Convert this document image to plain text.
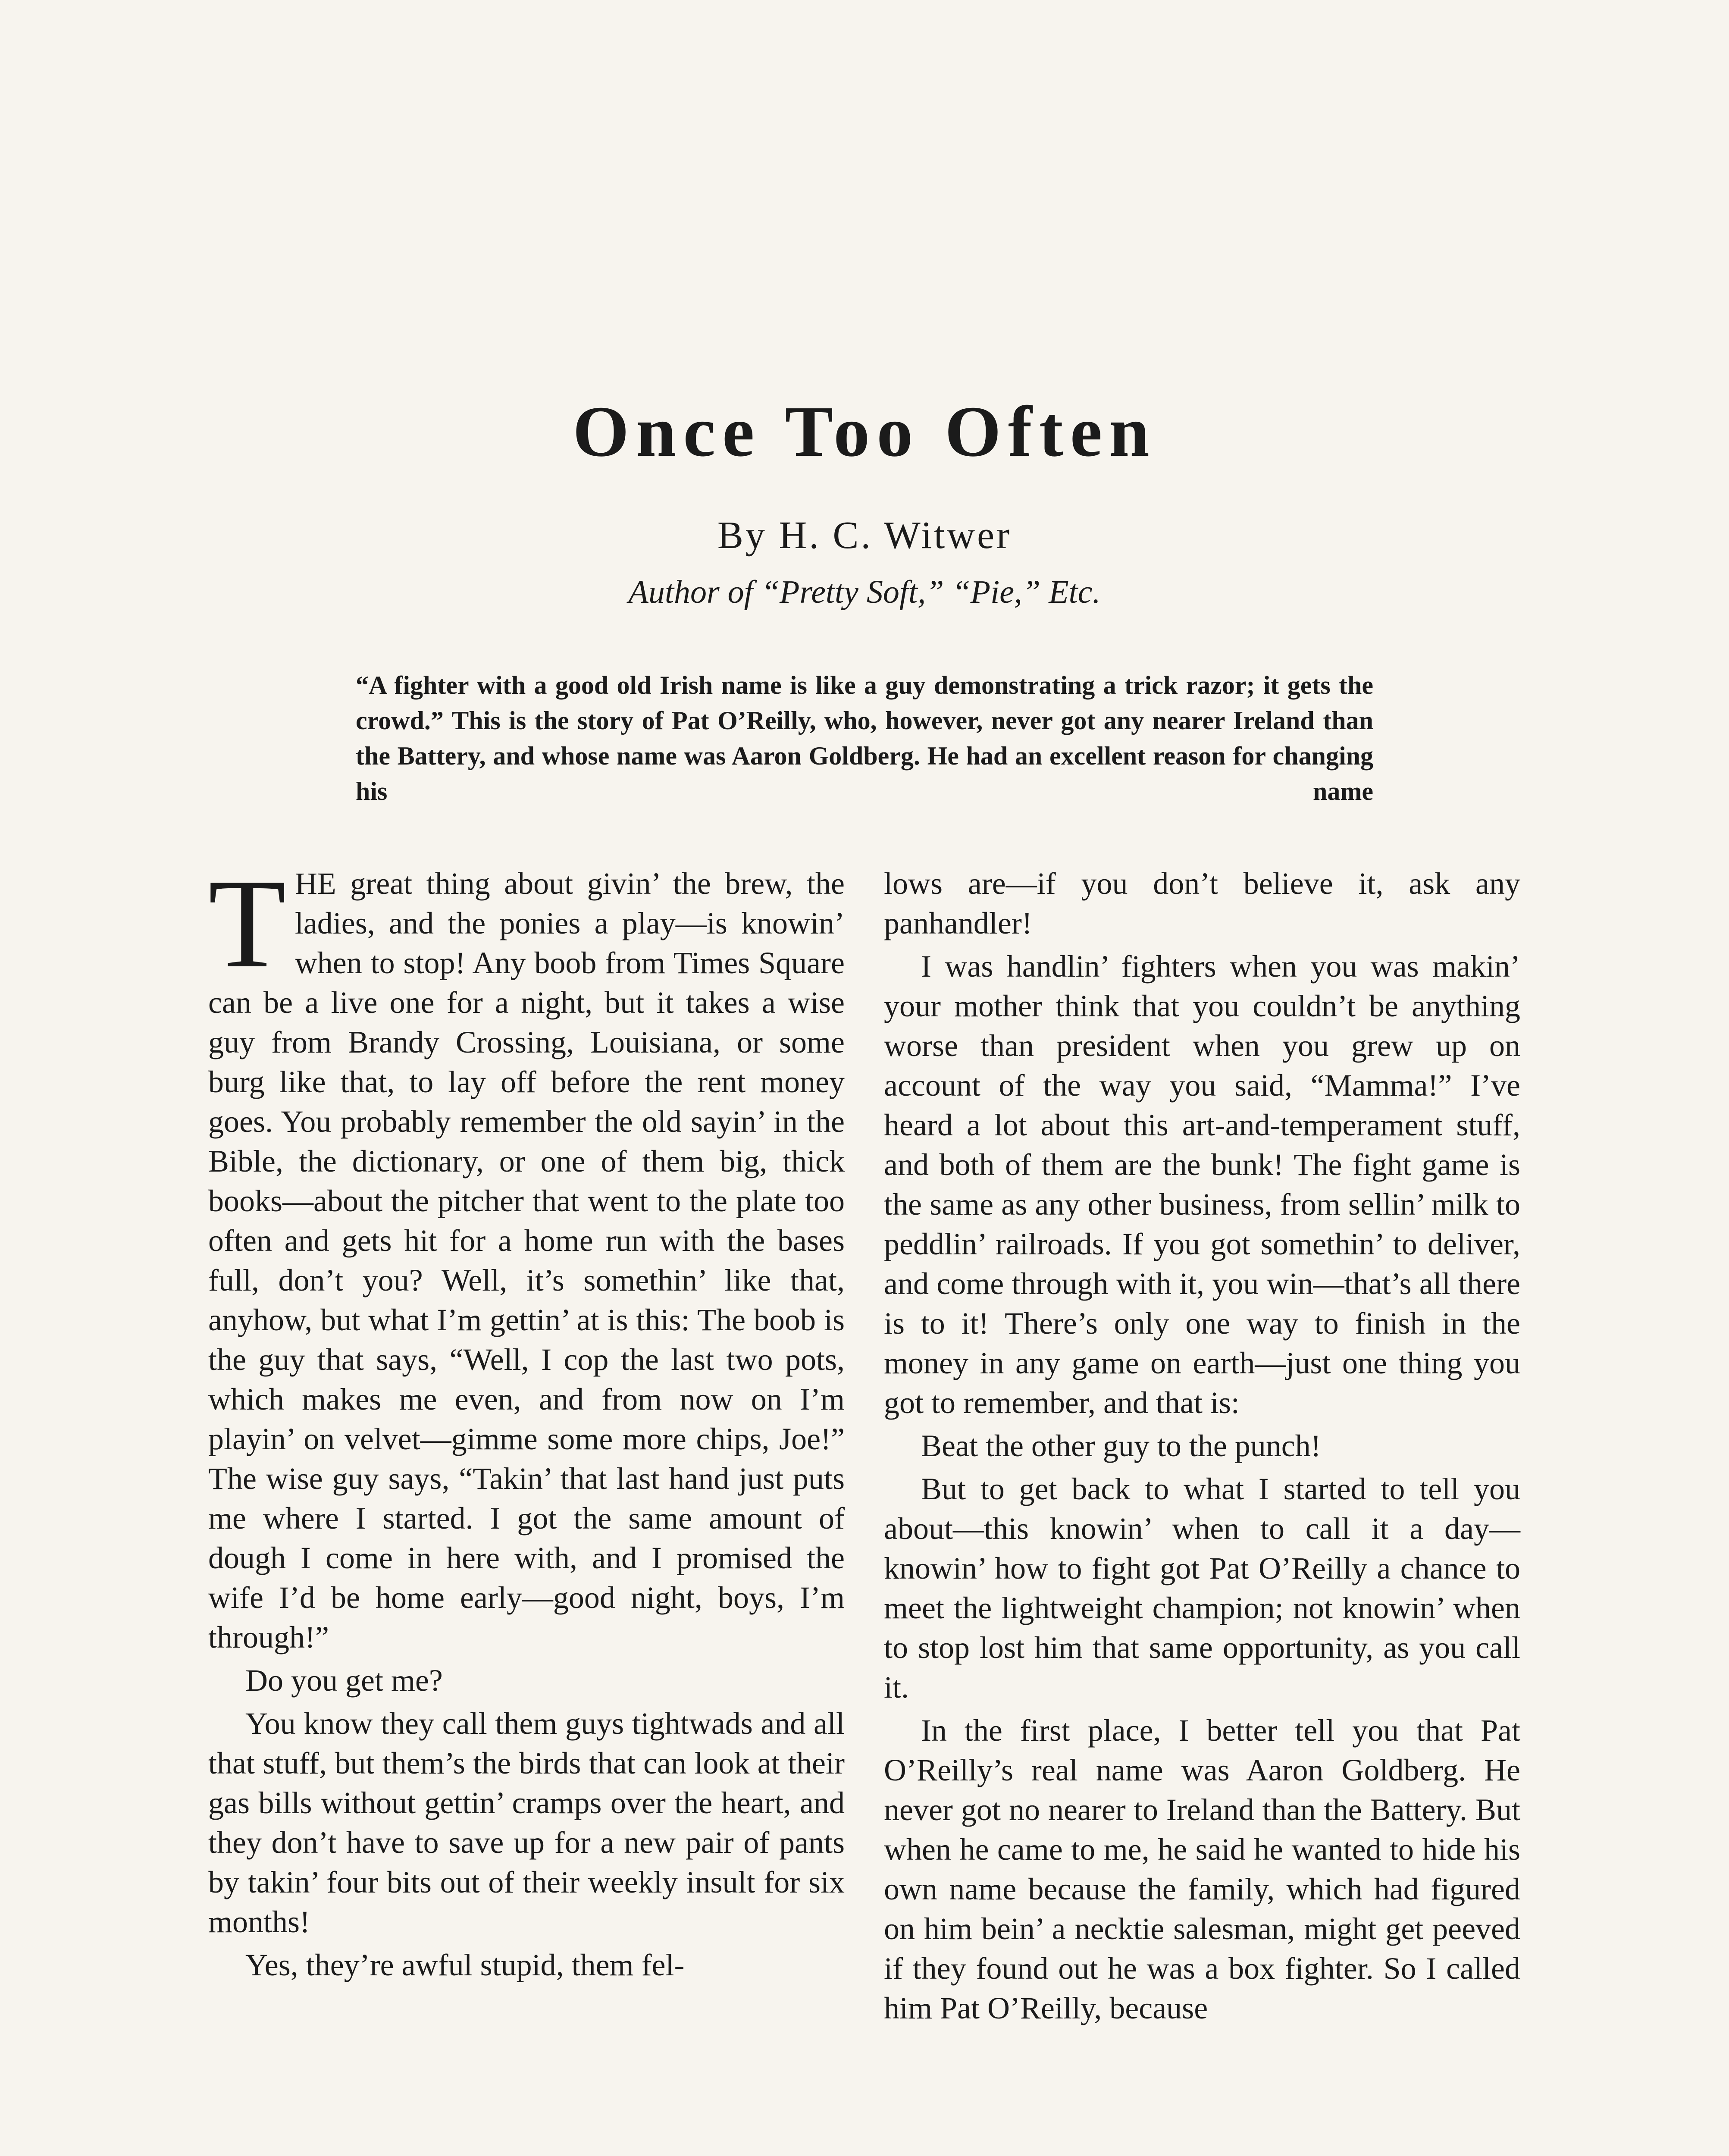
Once Too Often
By H. C. Witwer
Author of “Pretty Soft,” “Pie,” Etc.
“A fighter with a good old Irish name is like a guy demonstrating a trick razor; it gets the crowd.” This is the story of Pat O’Reilly, who, however, never got any nearer Ireland than the Battery, and whose name was Aaron Goldberg. He had an excellent reason for changing his name

T HE great thing about givin’ the brew, the ladies, and the ponies a play—is knowin’ when to stop! Any boob from Times Square can be a live one for a night, but it takes a wise guy from Brandy Crossing, Louisiana, or some burg like that, to lay off before the rent money goes. You probably remember the old sayin’ in the Bible, the dictionary, or one of them big, thick books—about the pitcher that went to the plate too often and gets hit for a home run with the bases full, don’t you? Well, it’s somethin’ like that, anyhow, but what I’m gettin’ at is this: The boob is the guy that says, “Well, I cop the last two pots, which makes me even, and from now on I’m playin’ on velvet—gimme some more chips, Joe!” The wise guy says, “Takin’ that last hand just puts me where I started. I got the same amount of dough I come in here with, and I promised the wife I’d be home early—good night, boys, I’m through!”

Do you get me?

You know they call them guys tightwads and all that stuff, but them’s the birds that can look at their gas bills without gettin’ cramps over the heart, and they don’t have to save up for a new pair of pants by takin’ four bits out of their weekly insult for six months!

Yes, they’re awful stupid, them fel-

lows are—if you don’t believe it, ask any panhandler!

I was handlin’ fighters when you was makin’ your mother think that you couldn’t be anything worse than president when you grew up on account of the way you said, “Mamma!” I’ve heard a lot about this art-and-temperament stuff, and both of them are the bunk! The fight game is the same as any other business, from sellin’ milk to peddlin’ railroads. If you got somethin’ to deliver, and come through with it, you win—that’s all there is to it! There’s only one way to finish in the money in any game on earth—just one thing you got to remember, and that is:

Beat the other guy to the punch!

But to get back to what I started to tell you about—this knowin’ when to call it a day—knowin’ how to fight got Pat O’Reilly a chance to meet the lightweight champion; not knowin’ when to stop lost him that same opportunity, as you call it.

In the first place, I better tell you that Pat O’Reilly’s real name was Aaron Goldberg. He never got no nearer to Ireland than the Battery. But when he came to me, he said he wanted to hide his own name because the family, which had figured on him bein’ a necktie salesman, might get peeved if they found out he was a box fighter. So I called him Pat O’Reilly, because
